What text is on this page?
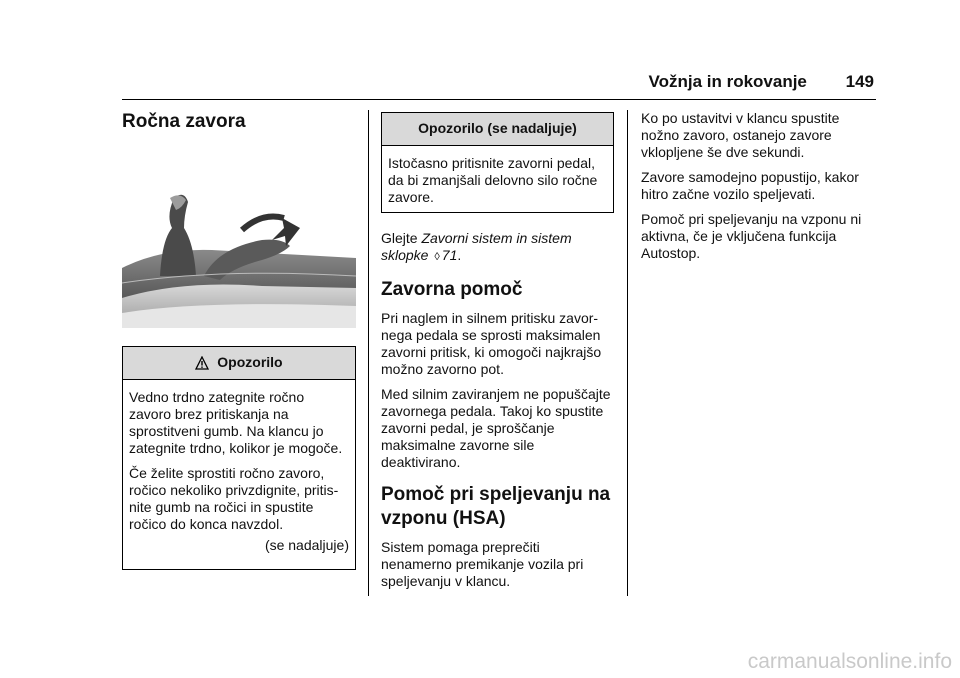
Vožnja in rokovanje 149
Ročna zavora
Opozorilo

Vedno trdno zategnite ročno zavoro brez pritiskanja na sprostitveni gumb. Na klancu jo zategnite trdno, kolikor je mogoče.

Če želite sprostiti ročno zavoro, ročico nekoliko privzdignite, pritis-nite gumb na ročici in spustite ročico do konca navzdol.

(se nadaljuje)

Opozorilo (se nadaljuje)

Istočasno pritisnite zavorni pedal, da bi zmanjšali delovno silo ročne zavore.

Glejte Zavorni sistem in sistem sklopke ◊ 71.

Zavorna pomoč

Pri naglem in silnem pritisku zavor-nega pedala se sprosti maksimalen zavorni pritisk, ki omogoči najkrajšo možno zavorno pot.

Med silnim zaviranjem ne popuščajte zavornega pedala. Takoj ko spustite zavorni pedal, je sproščanje maksimalne zavorne sile deaktivirano.

Pomoč pri speljevanju na vzponu (HSA)

Sistem pomaga preprečiti nenamerno premikanje vozila pri speljevanju v klancu.

Ko po ustavitvi v klancu spustite nožno zavoro, ostanejo zavore vklopljene še dve sekundi.

Zavore samodejno popustijo, kakor hitro začne vozilo speljevati.

Pomoč pri speljevanju na vzponu ni aktivna, če je vključena funkcija Autostop.

carmanualsonline.info
